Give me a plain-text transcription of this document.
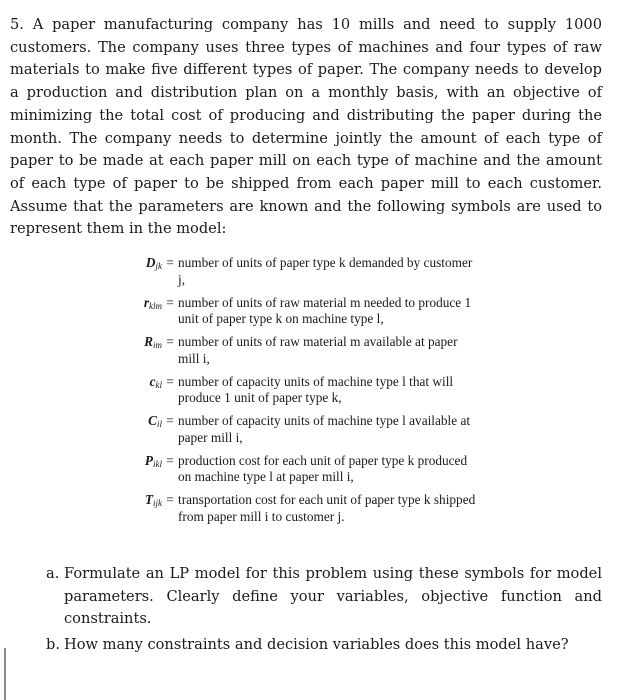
5. A paper manufacturing company has 10 mills and need to supply 1000 customers. The company uses three types of machines and four types of raw materials to make five different types of paper. The company needs to develop a production and distribution plan on a monthly basis, with an objective of minimizing the total cost of producing and distributing the paper during the month. The company needs to determine jointly the amount of each type of paper to be made at each paper mill on each type of machine and the amount of each type of paper to be shipped from each paper mill to each customer. Assume that the parameters are known and the following symbols are used to represent them in the model:
$D_{jk}$ = number of units of paper type k demanded by customer j,
$r_{klm}$ = number of units of raw material m needed to produce 1 unit of paper type k on machine type l,
$R_{im}$ = number of units of raw material m available at paper mill i,
$c_{kl}$ = number of capacity units of machine type l that will produce 1 unit of paper type k,
$C_{il}$ = number of capacity units of machine type l available at paper mill i,
$P_{ikl}$ = production cost for each unit of paper type k produced on machine type l at paper mill i,
$T_{ijk}$ = transportation cost for each unit of paper type k shipped from paper mill i to customer j.
a. Formulate an LP model for this problem using these symbols for model parameters. Clearly define your variables, objective function and constraints.
b. How many constraints and decision variables does this model have?
